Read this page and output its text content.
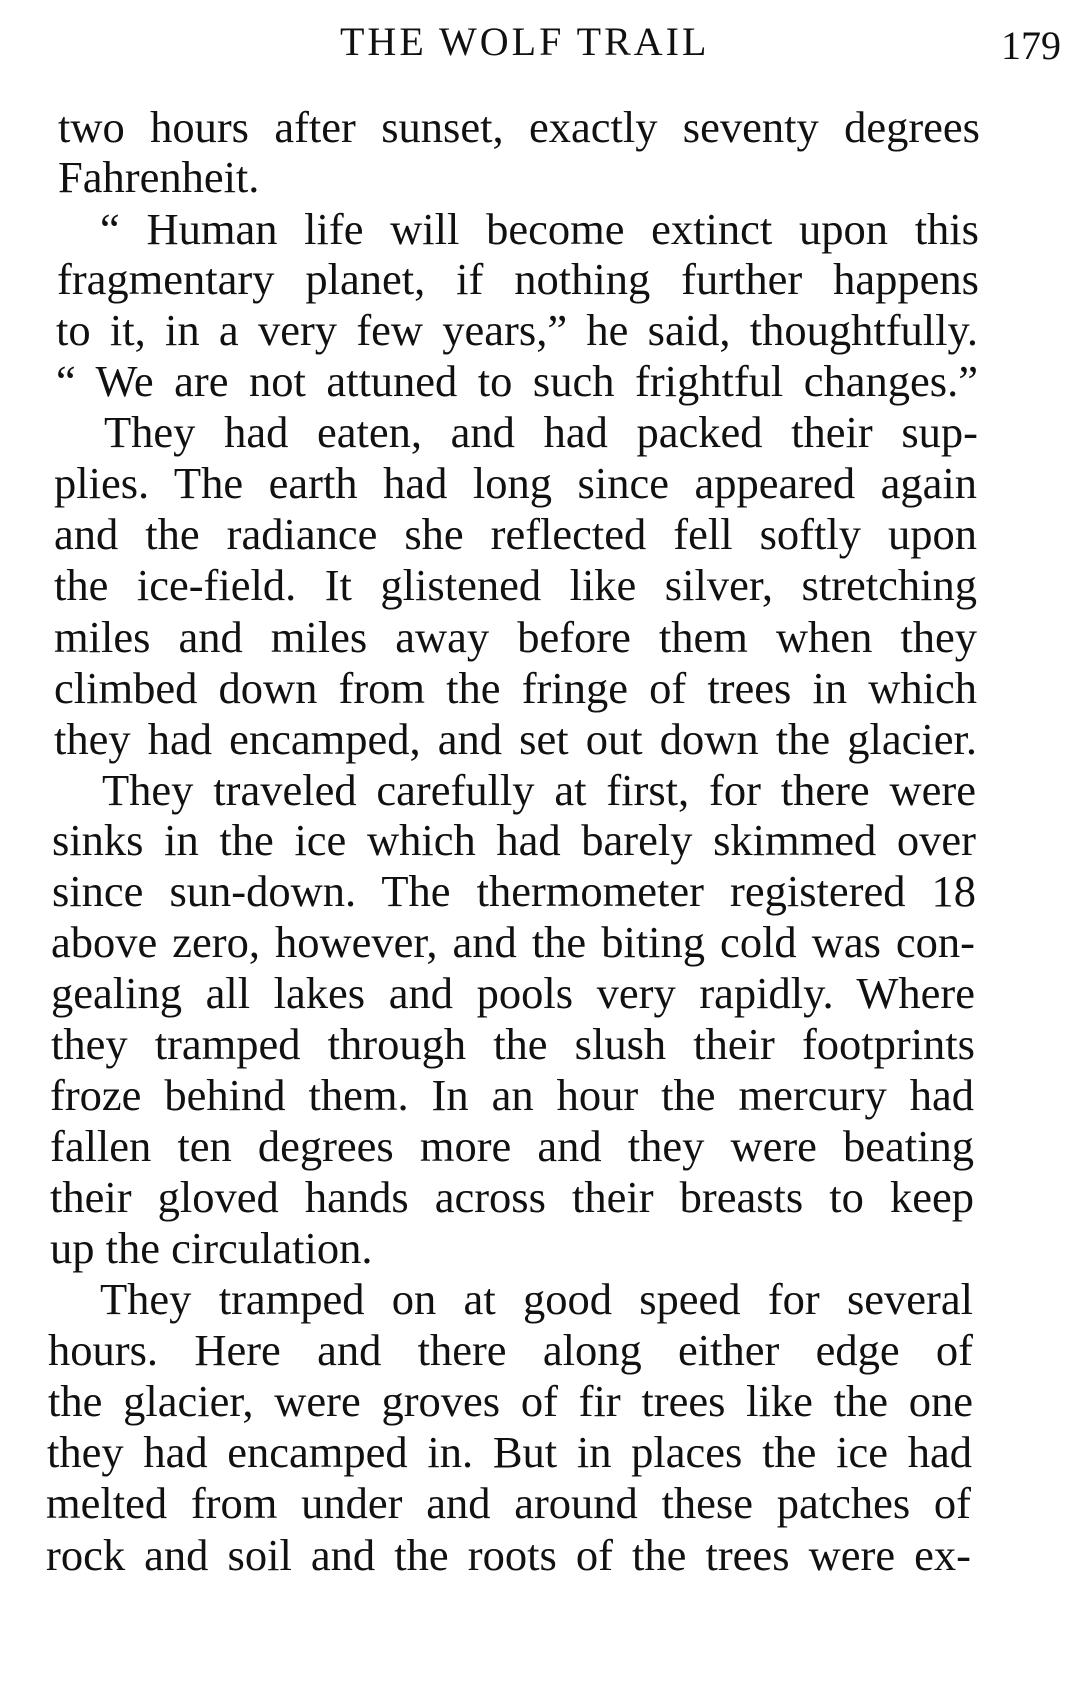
THE WOLF TRAIL	179
two hours after sunset, exactly seventy degrees
Fahrenheit.
“ Human life will become extinct upon this
fragmentary planet, if nothing further happens
to it, in a very few years,” he said, thoughtfully.
“ We are not attuned to such frightful changes.”
They had eaten, and had packed their sup-
plies. The earth had long since appeared again
and the radiance she reflected fell softly upon
the ice-field. It glistened like silver, stretching
miles and miles away before them when they
climbed down from the fringe of trees in which
they had encamped, and set out down the glacier.
They traveled carefully at first, for there were
sinks in the ice which had barely skimmed over
since sun-down. The thermometer registered 18
above zero, however, and the biting cold was con-
gealing all lakes and pools very rapidly. Where
they tramped through the slush their footprints
froze behind them. In an hour the mercury had
fallen ten degrees more and they were beating
their gloved hands across their breasts to keep
up the circulation.
They tramped on at good speed for several
hours. Here and there along either edge of
the glacier, were groves of fir trees like the one
they had encamped in. But in places the ice had
melted from under and around these patches of
rock and soil and the roots of the trees were ex-
